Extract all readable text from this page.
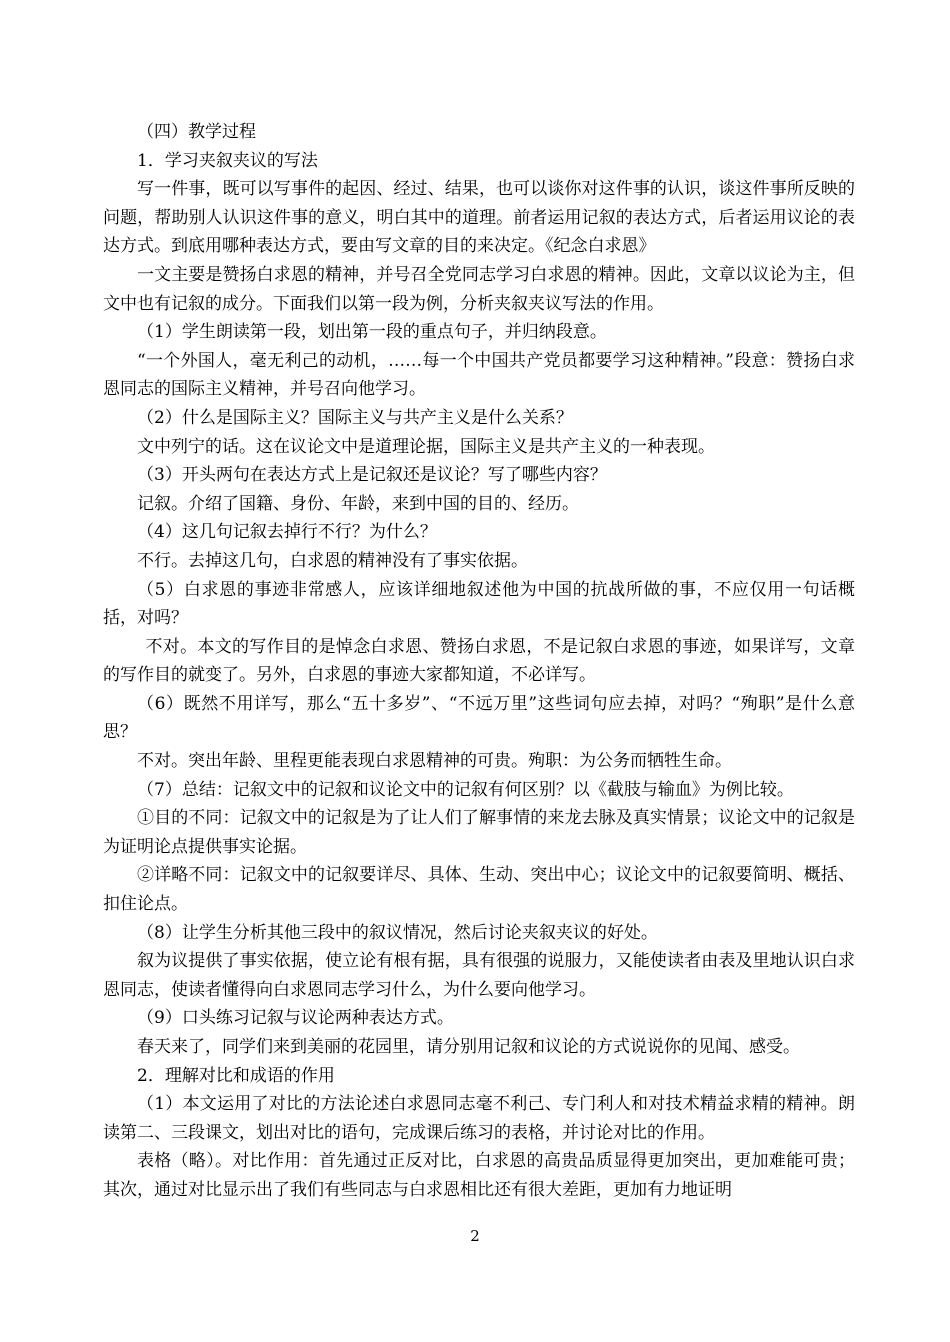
（四）教学过程

1．学习夹叙夹议的写法

写一件事，既可以写事件的起因、经过、结果，也可以谈你对这件事的认识，谈这件事所反映的问题，帮助别人认识这件事的意义，明白其中的道理。前者运用记叙的表达方式，后者运用议论的表达方式。到底用哪种表达方式，要由写文章的目的来决定。《纪念白求恩》

一文主要是赞扬白求恩的精神，并号召全党同志学习白求恩的精神。因此，文章以议论为主，但文中也有记叙的成分。下面我们以第一段为例，分析夹叙夹议写法的作用。

（1）学生朗读第一段，划出第一段的重点句子，并归纳段意。

“一个外国人，毫无利己的动机，……每一个中国共产党员都要学习这种精神。”段意：赞扬白求恩同志的国际主义精神，并号召向他学习。

（2）什么是国际主义？国际主义与共产主义是什么关系？

文中列宁的话。这在议论文中是道理论据，国际主义是共产主义的一种表现。

（3）开头两句在表达方式上是记叙还是议论？写了哪些内容？

记叙。介绍了国籍、身份、年龄，来到中国的目的、经历。

（4）这几句记叙去掉行不行？为什么？

不行。去掉这几句，白求恩的精神没有了事实依据。

（5）白求恩的事迹非常感人，应该详细地叙述他为中国的抗战所做的事，不应仅用一句话概括，对吗？

不对。本文的写作目的是悼念白求恩、赞扬白求恩，不是记叙白求恩的事迹，如果详写，文章的写作目的就变了。另外，白求恩的事迹大家都知道，不必详写。

（6）既然不用详写，那么“五十多岁”、“不远万里”这些词句应去掉，对吗？“殉职”是什么意思？

不对。突出年龄、里程更能表现白求恩精神的可贵。殉职：为公务而牺牲生命。

（7）总结：记叙文中的记叙和议论文中的记叙有何区别？以《截肢与输血》为例比较。

①目的不同：记叙文中的记叙是为了让人们了解事情的来龙去脉及真实情景；议论文中的记叙是为证明论点提供事实论据。

②详略不同：记叙文中的记叙要详尽、具体、生动、突出中心；议论文中的记叙要简明、概括、扣住论点。

（8）让学生分析其他三段中的叙议情况，然后讨论夹叙夹议的好处。

叙为议提供了事实依据，使立论有根有据，具有很强的说服力，又能使读者由表及里地认识白求恩同志，使读者懂得向白求恩同志学习什么，为什么要向他学习。

（9）口头练习记叙与议论两种表达方式。

春天来了，同学们来到美丽的花园里，请分别用记叙和议论的方式说说你的见闻、感受。

2．理解对比和成语的作用

（1）本文运用了对比的方法论述白求恩同志毫不利己、专门利人和对技术精益求精的精神。朗读第二、三段课文，划出对比的语句，完成课后练习的表格，并讨论对比的作用。

表格（略）。对比作用：首先通过正反对比，白求恩的高贵品质显得更加突出，更加难能可贵；其次，通过对比显示出了我们有些同志与白求恩相比还有很大差距，更加有力地证明

2
